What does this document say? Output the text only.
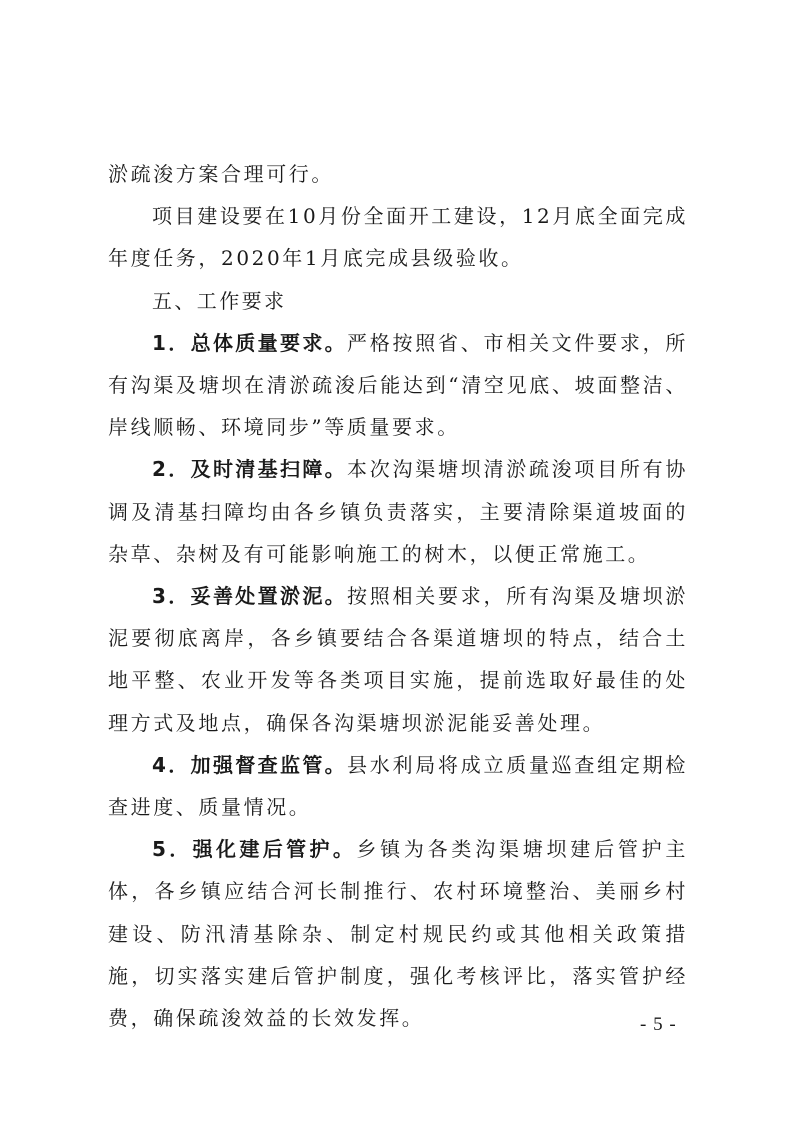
淤疏浚方案合理可行。

项目建设要在10月份全面开工建设，12月底全面完成年度任务，2020年1月底完成县级验收。

五、工作要求

1．总体质量要求。严格按照省、市相关文件要求，所有沟渠及塘坝在清淤疏浚后能达到“清空见底、坡面整洁、岸线顺畅、环境同步”等质量要求。

2．及时清基扫障。本次沟渠塘坝清淤疏浚项目所有协调及清基扫障均由各乡镇负责落实，主要清除渠道坡面的杂草、杂树及有可能影响施工的树木，以便正常施工。

3．妥善处置淤泥。按照相关要求，所有沟渠及塘坝淤泥要彻底离岸，各乡镇要结合各渠道塘坝的特点，结合土地平整、农业开发等各类项目实施，提前选取好最佳的处理方式及地点，确保各沟渠塘坝淤泥能妥善处理。

4．加强督查监管。县水利局将成立质量巡查组定期检查进度、质量情况。

5．强化建后管护。乡镇为各类沟渠塘坝建后管护主体，各乡镇应结合河长制推行、农村环境整治、美丽乡村建设、防汛清基除杂、制定村规民约或其他相关政策措施，切实落实建后管护制度，强化考核评比，落实管护经费，确保疏浚效益的长效发挥。	- 5 -
